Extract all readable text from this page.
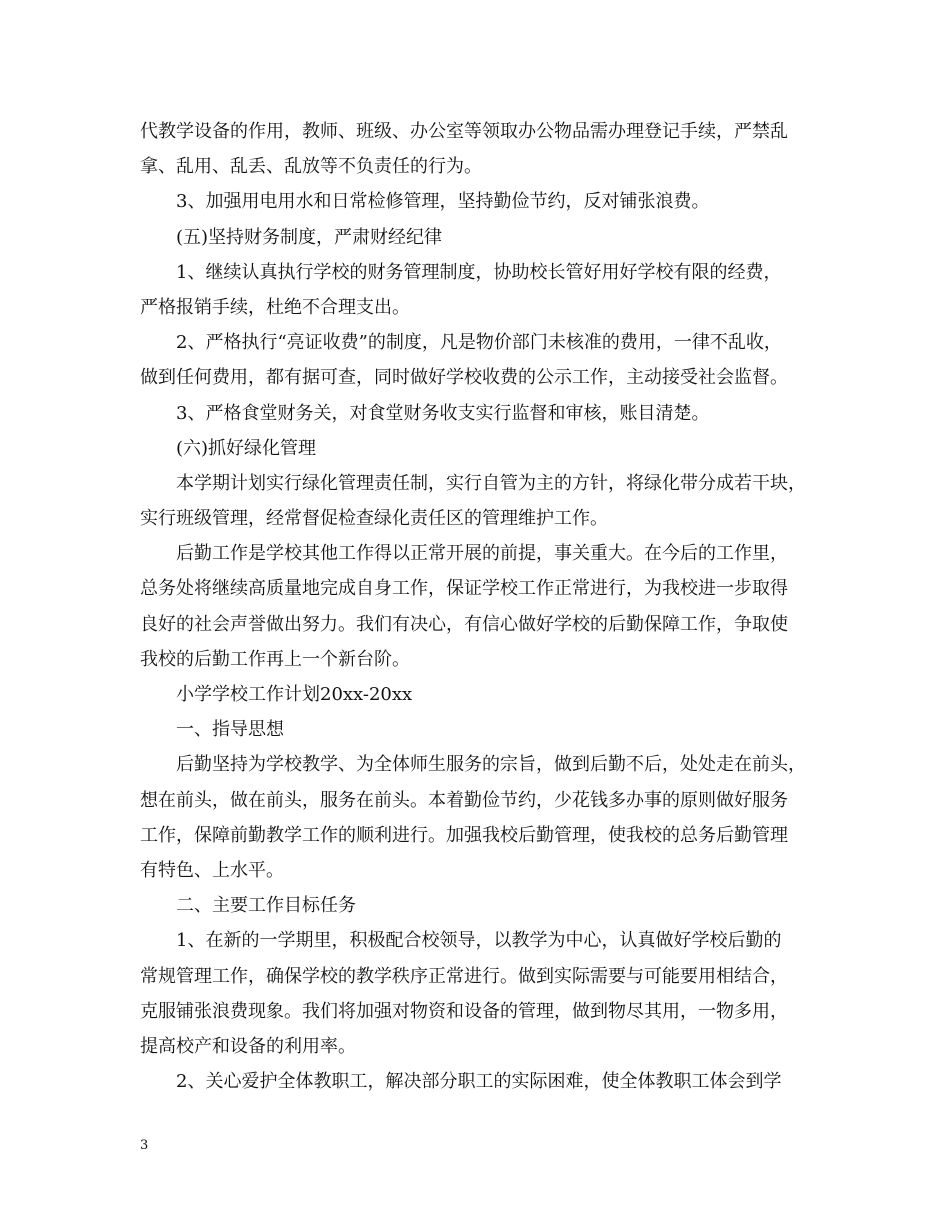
代教学设备的作用，教师、班级、办公室等领取办公物品需办理登记手续，严禁乱
拿、乱用、乱丢、乱放等不负责任的行为。
3、加强用电用水和日常检修管理，坚持勤俭节约，反对铺张浪费。
(五)坚持财务制度，严肃财经纪律
1、继续认真执行学校的财务管理制度，协助校长管好用好学校有限的经费，
严格报销手续，杜绝不合理支出。
2、严格执行“亮证收费”的制度，凡是物价部门未核准的费用，一律不乱收，
做到任何费用，都有据可查，同时做好学校收费的公示工作，主动接受社会监督。
3、严格食堂财务关，对食堂财务收支实行监督和审核，账目清楚。
(六)抓好绿化管理
本学期计划实行绿化管理责任制，实行自管为主的方针，将绿化带分成若干块，
实行班级管理，经常督促检查绿化责任区的管理维护工作。
后勤工作是学校其他工作得以正常开展的前提，事关重大。在今后的工作里，
总务处将继续高质量地完成自身工作，保证学校工作正常进行，为我校进一步取得
良好的社会声誉做出努力。我们有决心，有信心做好学校的后勤保障工作，争取使
我校的后勤工作再上一个新台阶。
小学学校工作计划20xx-20xx
一、指导思想
后勤坚持为学校教学、为全体师生服务的宗旨，做到后勤不后，处处走在前头，
想在前头，做在前头，服务在前头。本着勤俭节约，少花钱多办事的原则做好服务
工作，保障前勤教学工作的顺利进行。加强我校后勤管理，使我校的总务后勤管理
有特色、上水平。
二、主要工作目标任务
1、在新的一学期里，积极配合校领导，以教学为中心，认真做好学校后勤的
常规管理工作，确保学校的教学秩序正常进行。做到实际需要与可能要用相结合，
克服铺张浪费现象。我们将加强对物资和设备的管理，做到物尽其用，一物多用，
提高校产和设备的利用率。
2、关心爱护全体教职工，解决部分职工的实际困难，使全体教职工体会到学
3
